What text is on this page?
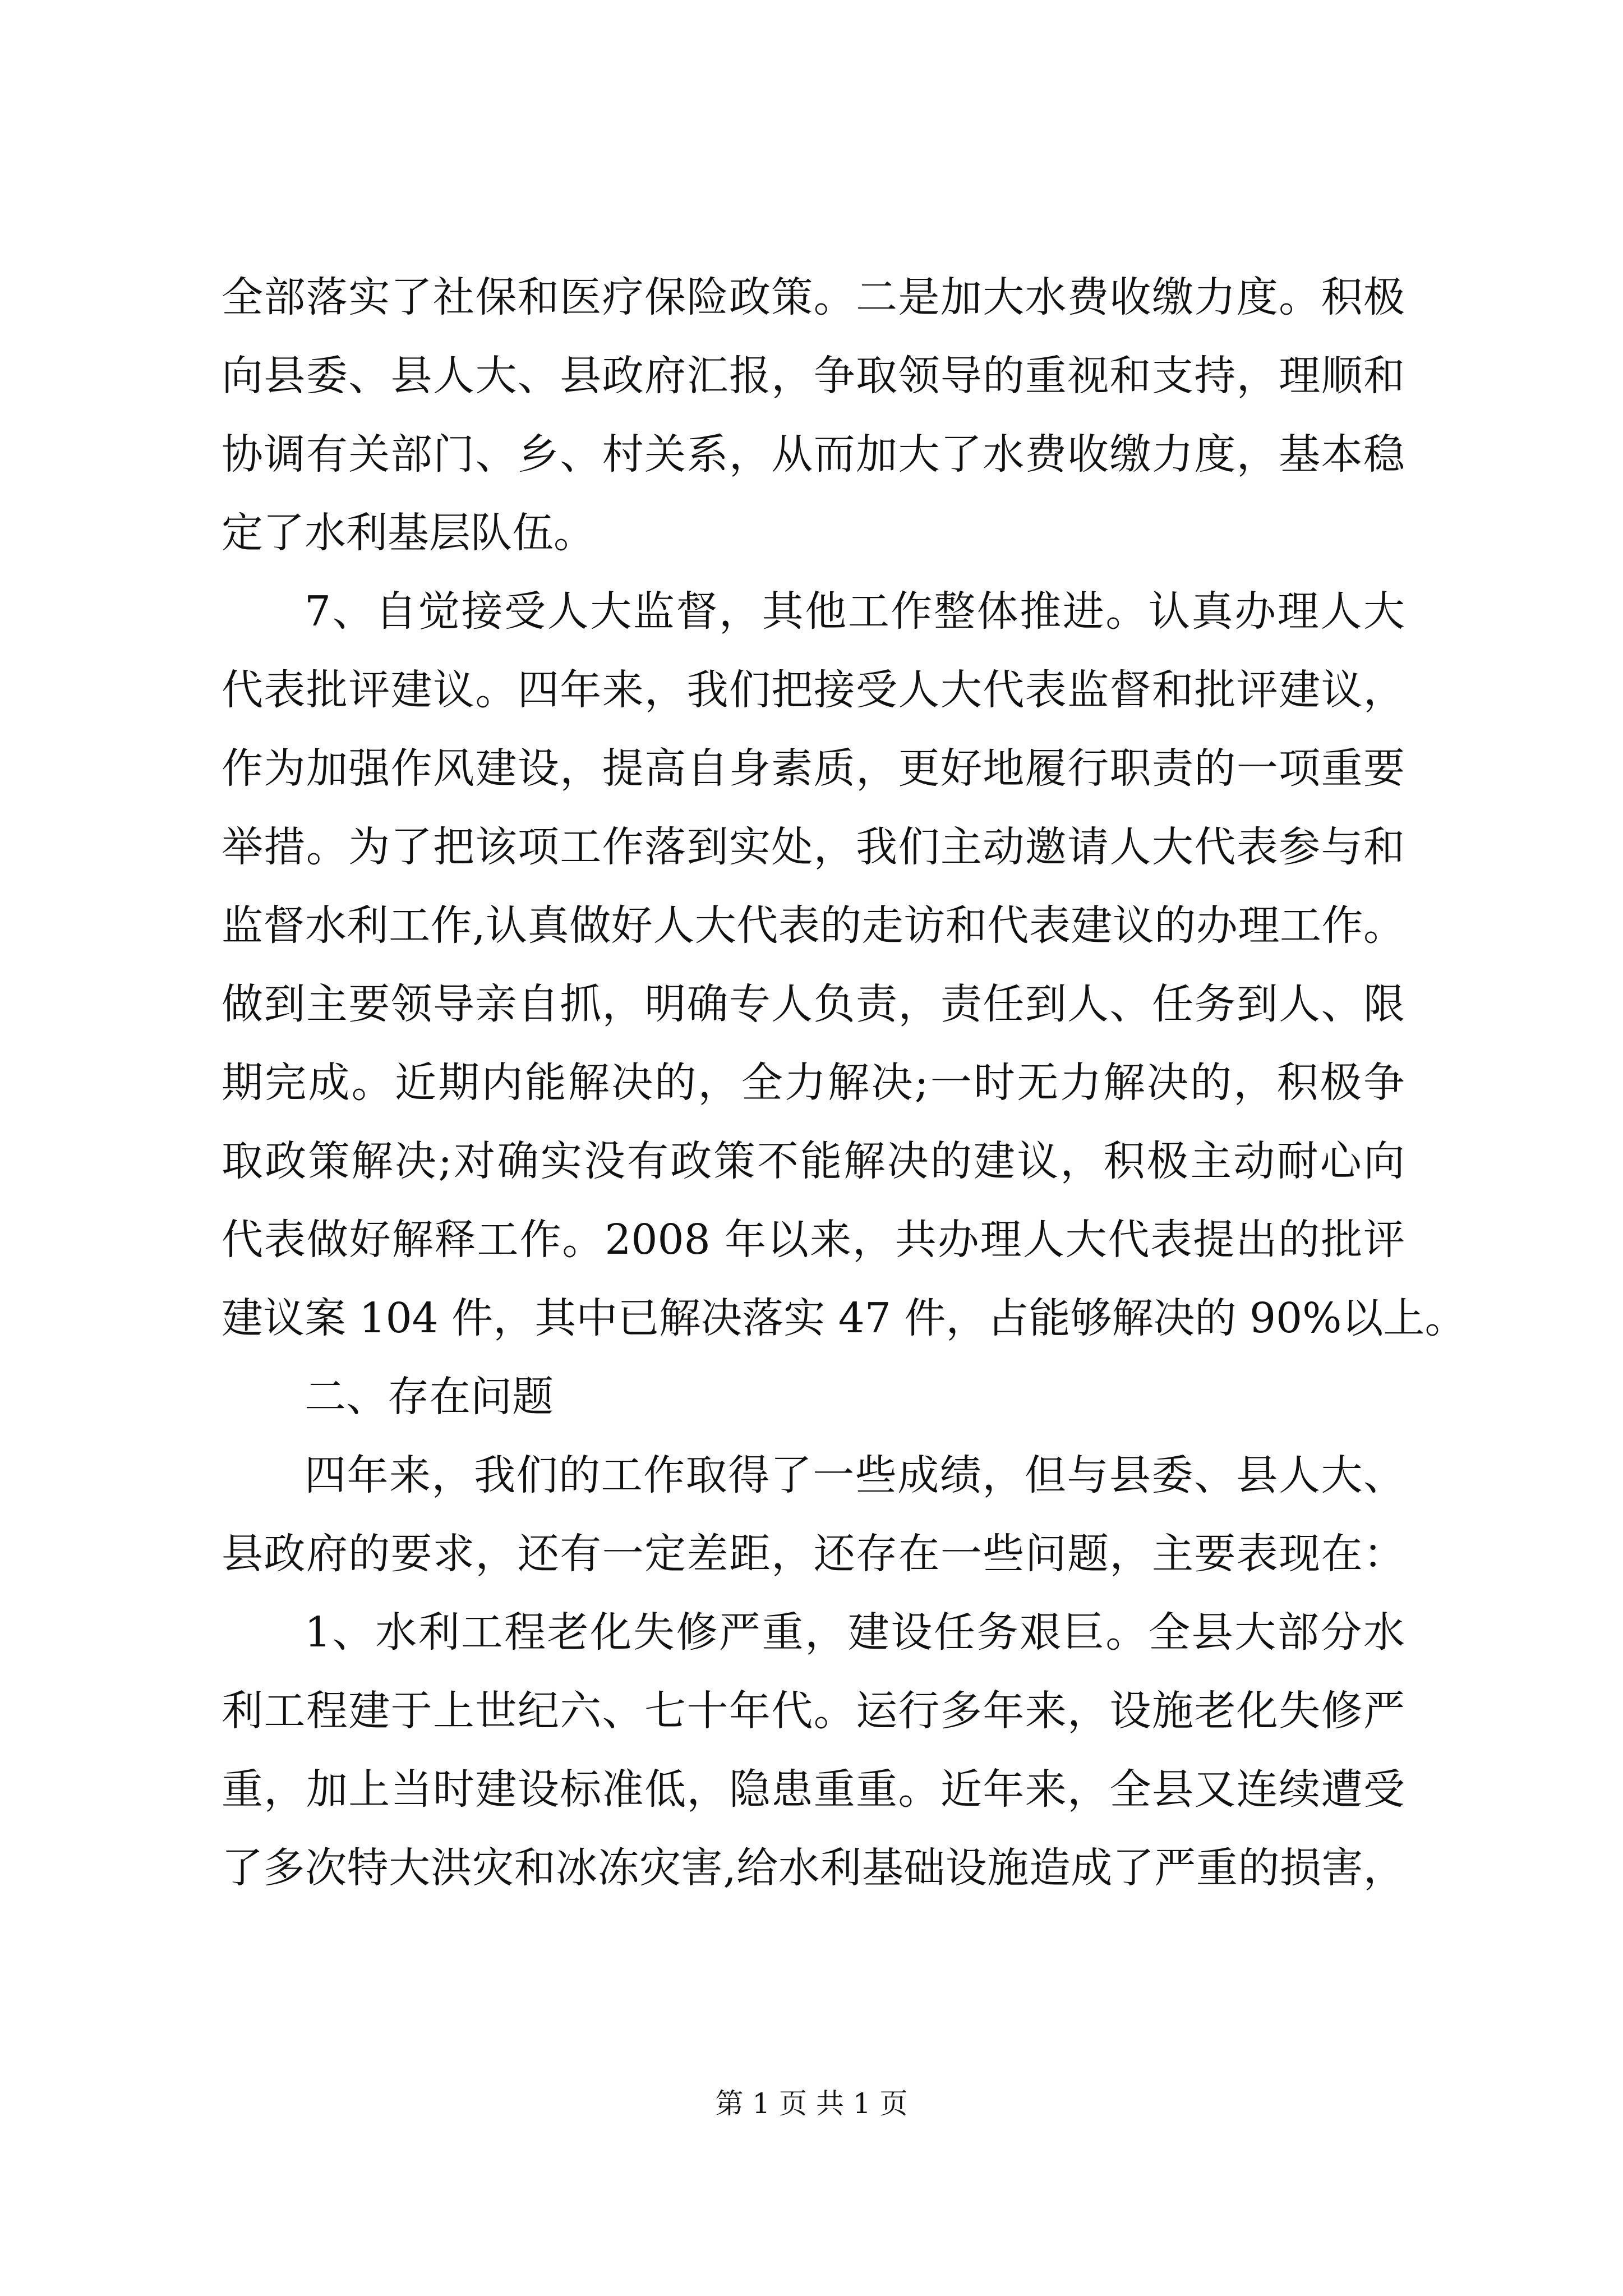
全部落实了社保和医疗保险政策。二是加大水费收缴力度。积极
向县委、县人大、县政府汇报，争取领导的重视和支持，理顺和
协调有关部门、乡、村关系，从而加大了水费收缴力度，基本稳
定了水利基层队伍。
7、自觉接受人大监督，其他工作整体推进。认真办理人大
代表批评建议。四年来，我们把接受人大代表监督和批评建议，
作为加强作风建设，提高自身素质，更好地履行职责的一项重要
举措。为了把该项工作落到实处，我们主动邀请人大代表参与和
监督水利工作,认真做好人大代表的走访和代表建议的办理工作。
做到主要领导亲自抓，明确专人负责，责任到人、任务到人、限
期完成。近期内能解决的，全力解决;一时无力解决的，积极争
取政策解决;对确实没有政策不能解决的建议，积极主动耐心向
代表做好解释工作。2008 年以来，共办理人大代表提出的批评
建议案 104 件，其中已解决落实 47 件，占能够解决的 90%以上。
二、存在问题
四年来，我们的工作取得了一些成绩，但与县委、县人大、
县政府的要求，还有一定差距，还存在一些问题，主要表现在：
1、水利工程老化失修严重，建设任务艰巨。全县大部分水
利工程建于上世纪六、七十年代。运行多年来，设施老化失修严
重，加上当时建设标准低，隐患重重。近年来，全县又连续遭受
了多次特大洪灾和冰冻灾害,给水利基础设施造成了严重的损害，
第 1 页 共 1 页
